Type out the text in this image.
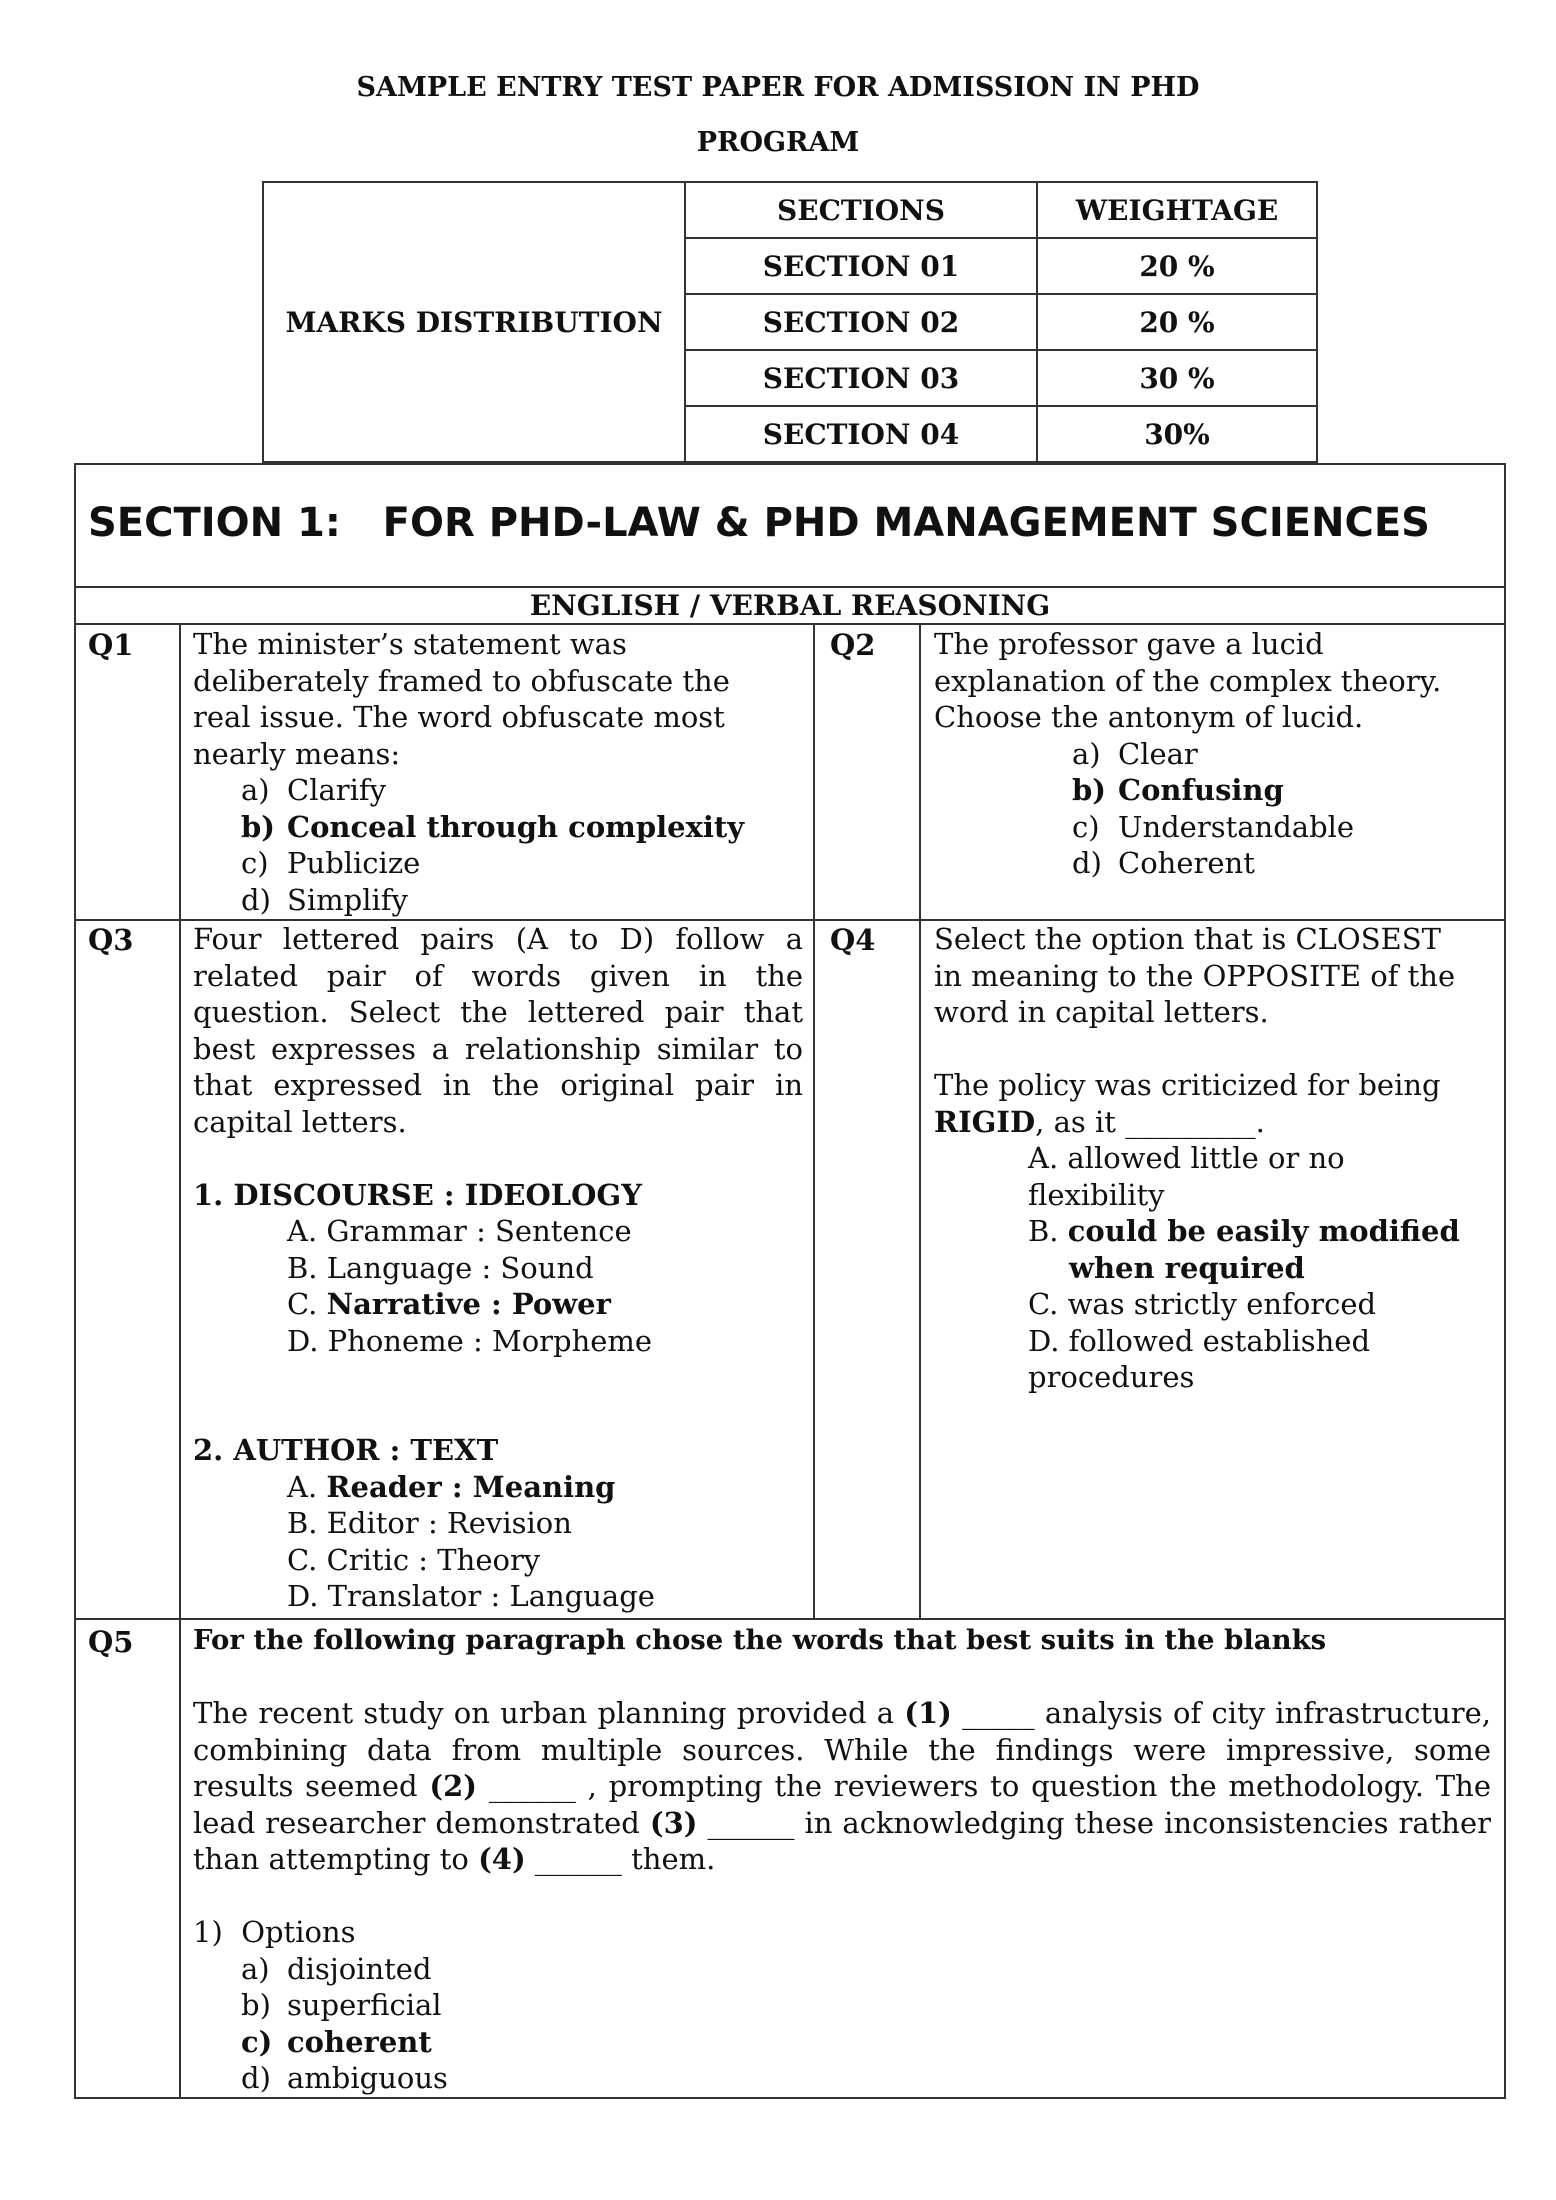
SAMPLE ENTRY TEST PAPER FOR ADMISSION IN PHD
PROGRAM
MARKS DISTRIBUTION	SECTIONS	WEIGHTAGE
	SECTION 01	20 %
	SECTION 02	20 %
	SECTION 03	30 %
	SECTION 04	30%
SECTION 1:   FOR PHD-LAW & PHD MANAGEMENT SCIENCES
ENGLISH / VERBAL REASONING
Q1 The minister’s statement was
deliberately framed to obfuscate the
real issue. The word obfuscate most
nearly means:
a) Clarify
b) Conceal through complexity
c) Publicize
d) Simplify
Q2 The professor gave a lucid
explanation of the complex theory.
Choose the antonym of lucid.
a) Clear
b) Confusing
c) Understandable
d) Coherent
Q3 Four lettered pairs (A to D) follow a
related pair of words given in the
question. Select the lettered pair that
best expresses a relationship similar to
that expressed in the original pair in
capital letters.
1. DISCOURSE : IDEOLOGY
A. Grammar : Sentence
B. Language : Sound
C. Narrative : Power
D. Phoneme : Morpheme
2. AUTHOR : TEXT
A. Reader : Meaning
B. Editor : Revision
C. Critic : Theory
D. Translator : Language
Q4 Select the option that is CLOSEST
in meaning to the OPPOSITE of the
word in capital letters.
The policy was criticized for being
RIGID, as it _________.
A. allowed little or no
flexibility
B. could be easily modified
when required
C. was strictly enforced
D. followed established
procedures
Q5 For the following paragraph chose the words that best suits in the blanks
The recent study on urban planning provided a (1) _____ analysis of city infrastructure, combining data from multiple sources. While the findings were impressive, some results seemed (2) ______ , prompting the reviewers to question the methodology. The lead researcher demonstrated (3) ______ in acknowledging these inconsistencies rather than attempting to (4) ______ them.
1)  Options
a) disjointed
b) superficial
c) coherent
d) ambiguous
